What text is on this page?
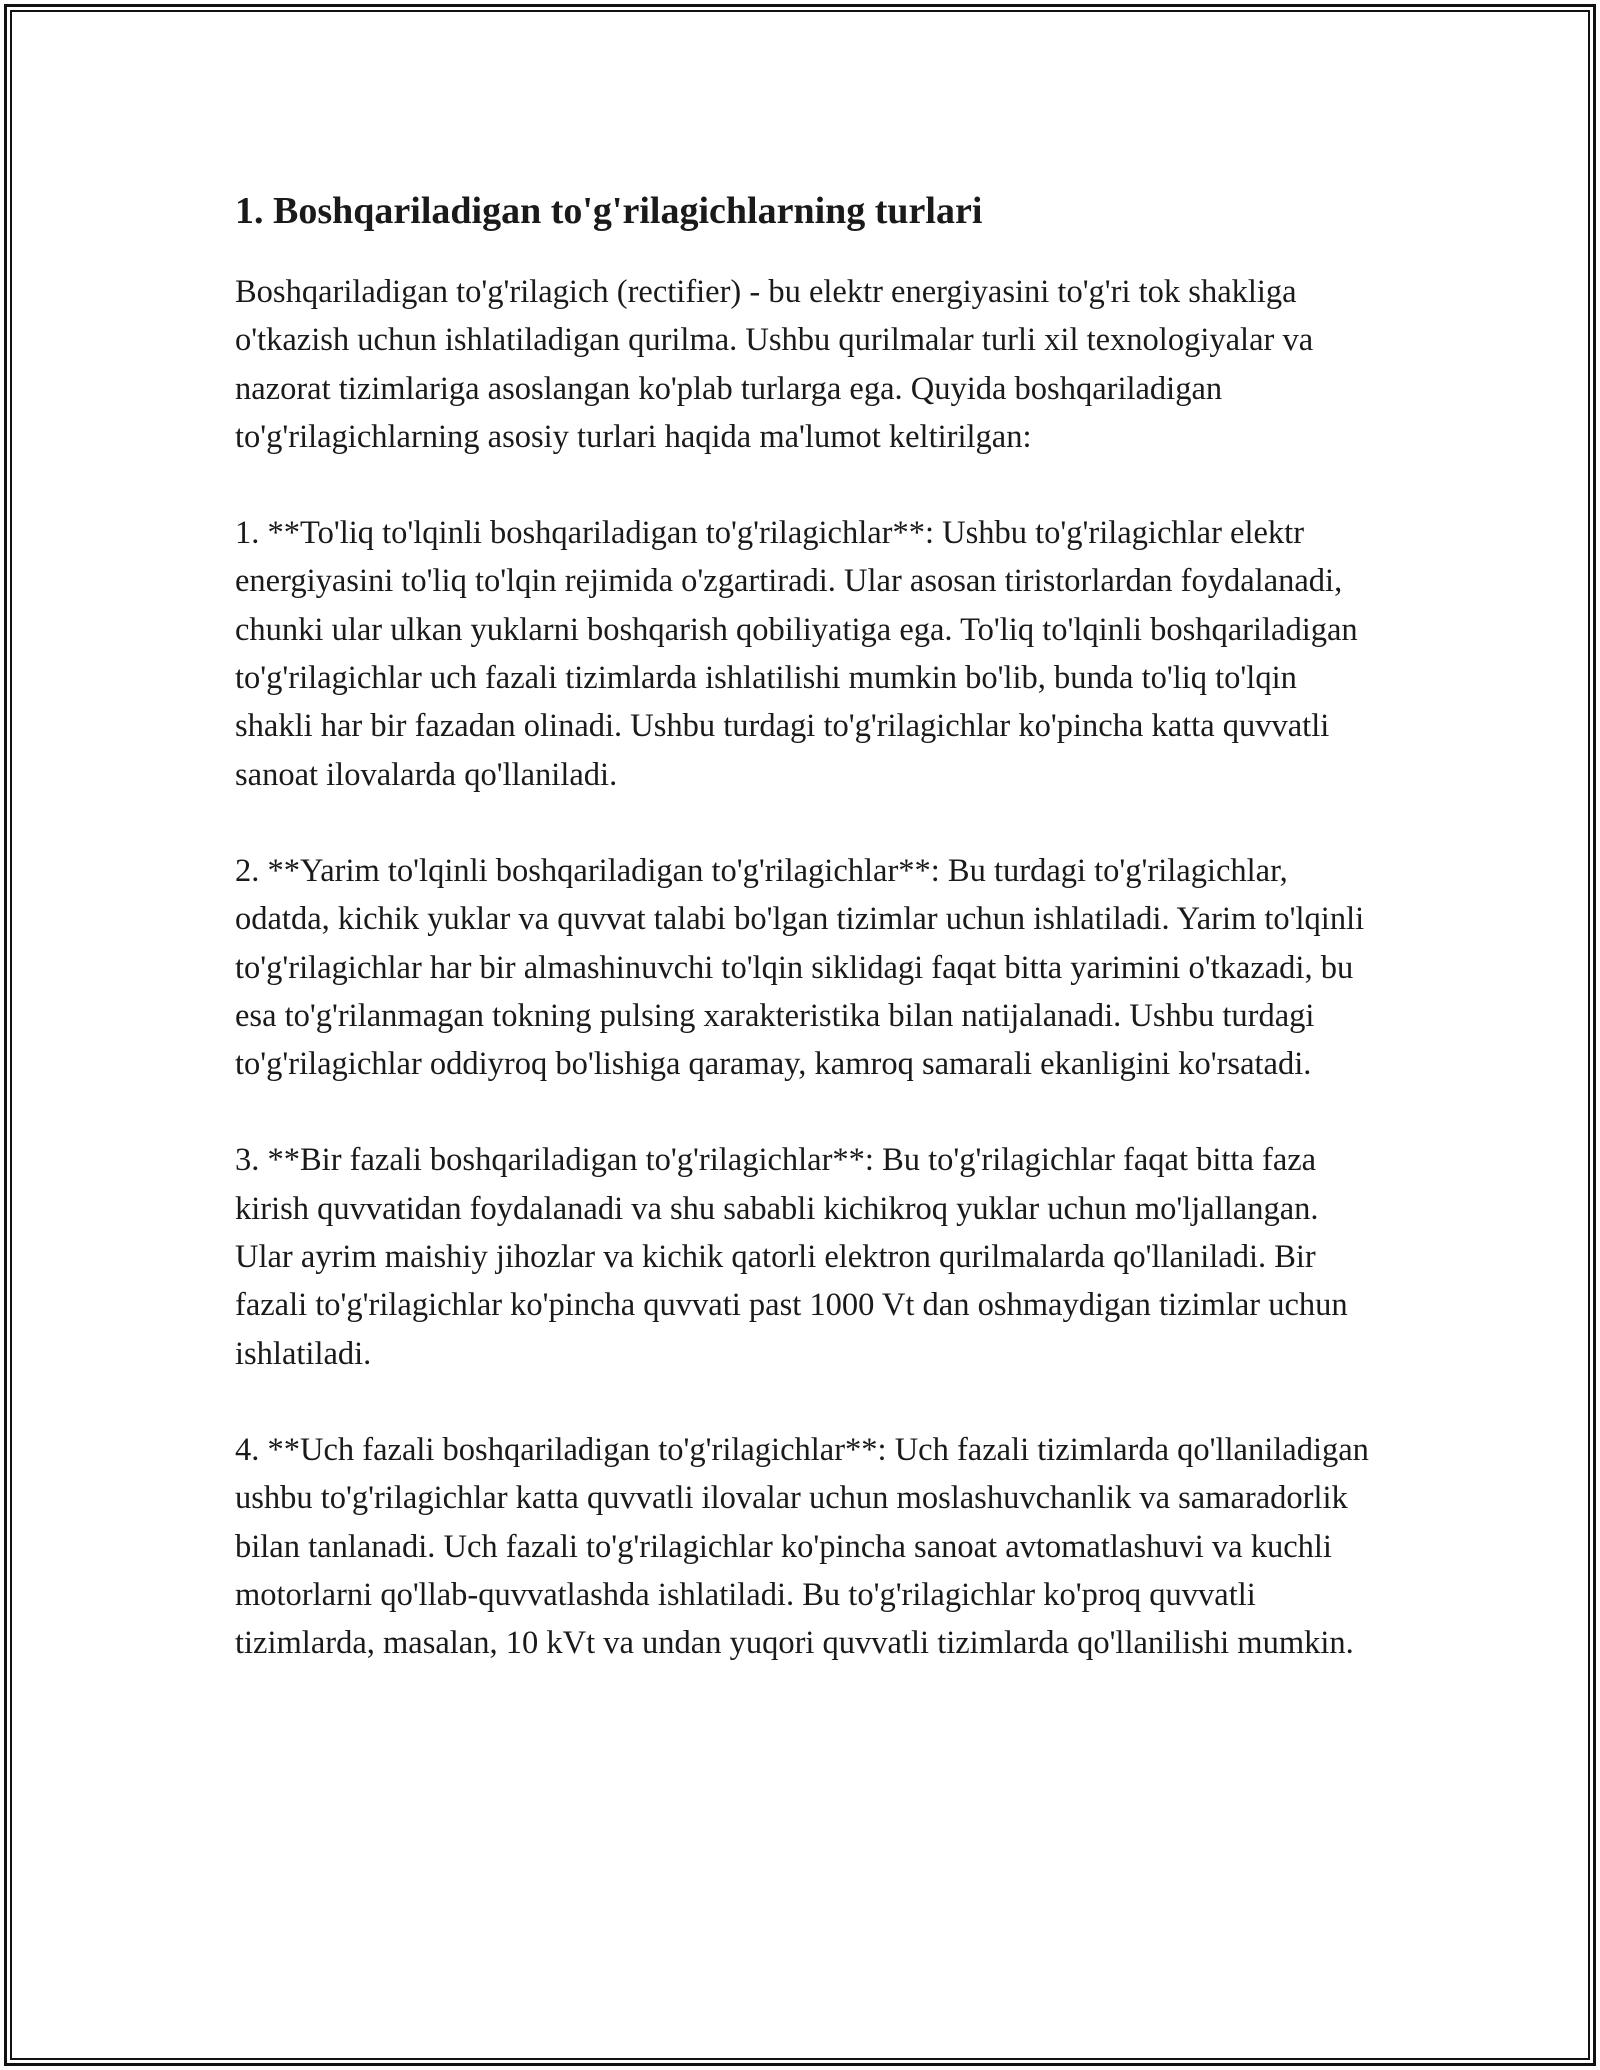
1. Boshqariladigan to'g'rilagichlarning turlari

Boshqariladigan to'g'rilagich (rectifier) - bu elektr energiyasini to'g'ri tok shakliga o'tkazish uchun ishlatiladigan qurilma. Ushbu qurilmalar turli xil texnologiyalar va nazorat tizimlariga asoslangan ko'plab turlarga ega. Quyida boshqariladigan to'g'rilagichlarning asosiy turlari haqida ma'lumot keltirilgan:

1. **To'liq to'lqinli boshqariladigan to'g'rilagichlar**: Ushbu to'g'rilagichlar elektr energiyasini to'liq to'lqin rejimida o'zgartiradi. Ular asosan tiristorlardan foydalanadi, chunki ular ulkan yuklarni boshqarish qobiliyatiga ega. To'liq to'lqinli boshqariladigan to'g'rilagichlar uch fazali tizimlarda ishlatilishi mumkin bo'lib, bunda to'liq to'lqin shakli har bir fazadan olinadi. Ushbu turdagi to'g'rilagichlar ko'pincha katta quvvatli sanoat ilovalarda qo'llaniladi.

2. **Yarim to'lqinli boshqariladigan to'g'rilagichlar**: Bu turdagi to'g'rilagichlar, odatda, kichik yuklar va quvvat talabi bo'lgan tizimlar uchun ishlatiladi. Yarim to'lqinli to'g'rilagichlar har bir almashinuvchi to'lqin siklidagi faqat bitta yarimini o'tkazadi, bu esa to'g'rilanmagan tokning pulsing xarakteristika bilan natijalanadi. Ushbu turdagi to'g'rilagichlar oddiyroq bo'lishiga qaramay, kamroq samarali ekanligini ko'rsatadi.

3. **Bir fazali boshqariladigan to'g'rilagichlar**: Bu to'g'rilagichlar faqat bitta faza kirish quvvatidan foydalanadi va shu sababli kichikroq yuklar uchun mo'ljallangan. Ular ayrim maishiy jihozlar va kichik qatorli elektron qurilmalarda qo'llaniladi. Bir fazali to'g'rilagichlar ko'pincha quvvati past 1000 Vt dan oshmaydigan tizimlar uchun ishlatiladi.

4. **Uch fazali boshqariladigan to'g'rilagichlar**: Uch fazali tizimlarda qo'llaniladigan ushbu to'g'rilagichlar katta quvvatli ilovalar uchun moslashuvchanlik va samaradorlik bilan tanlanadi. Uch fazali to'g'rilagichlar ko'pincha sanoat avtomatlashuvi va kuchli motorlarni qo'llab-quvvatlashda ishlatiladi. Bu to'g'rilagichlar ko'proq quvvatli tizimlarda, masalan, 10 kVt va undan yuqori quvvatli tizimlarda qo'llanilishi mumkin.
